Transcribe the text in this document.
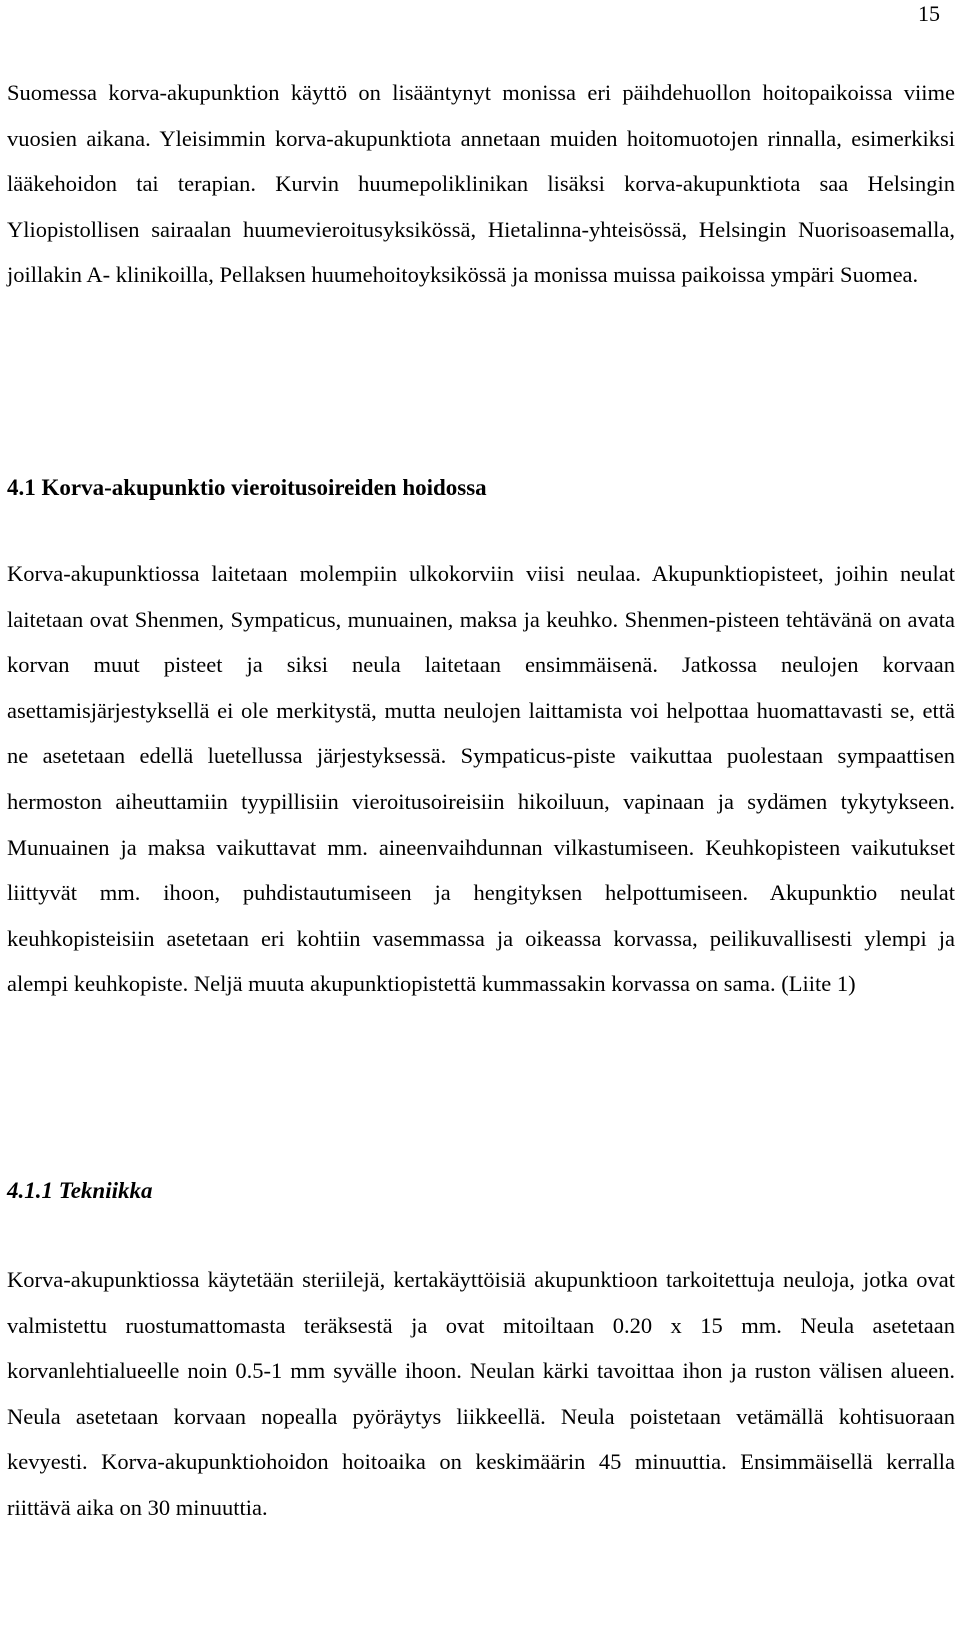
15

Suomessa korva-akupunktion käyttö on lisääntynyt monissa eri päihdehuollon hoitopaikoissa viime vuosien aikana. Yleisimmin korva-akupunktiota annetaan muiden hoitomuotojen rinnalla, esimerkiksi lääkehoidon tai terapian. Kurvin huumepoliklinikan lisäksi korva-akupunktiota saa Helsingin Yliopistollisen sairaalan huumevieroitusyksikössä, Hietalinna-yhteisössä, Helsingin Nuorisoasemalla, joillakin A- klinikoilla, Pellaksen huumehoitoyksikössä ja monissa muissa paikoissa ympäri Suomea.

4.1 Korva-akupunktio vieroitusoireiden hoidossa

Korva-akupunktiossa laitetaan molempiin ulkokorviin viisi neulaa. Akupunktiopisteet, joihin neulat laitetaan ovat Shenmen, Sympaticus, munuainen, maksa ja keuhko. Shenmen-pisteen tehtävänä on avata korvan muut pisteet ja siksi neula laitetaan ensimmäisenä. Jatkossa neulojen korvaan asettamisjärjestyksellä ei ole merkitystä, mutta neulojen laittamista voi helpottaa huomattavasti se, että ne asetetaan edellä luetellussa järjestyksessä. Sympaticus-piste vaikuttaa puolestaan sympaattisen hermoston aiheuttamiin tyypillisiin vieroitusoireisiin hikoiluun, vapinaan ja sydämen tykytykseen. Munuainen ja maksa vaikuttavat mm. aineenvaihdunnan vilkastumiseen. Keuhkopisteen vaikutukset liittyvät mm. ihoon, puhdistautumiseen ja hengityksen helpottumiseen. Akupunktio neulat keuhkopisteisiin asetetaan eri kohtiin vasemmassa ja oikeassa korvassa, peilikuvallisesti ylempi ja alempi keuhkopiste. Neljä muuta akupunktiopistettä kummassakin korvassa on sama. (Liite 1)

4.1.1 Tekniikka

Korva-akupunktiossa käytetään steriilejä, kertakäyttöisiä akupunktioon tarkoitettuja neuloja, jotka ovat valmistettu ruostumattomasta teräksestä ja ovat mitoiltaan 0.20 x 15 mm. Neula asetetaan korvanlehtialueelle noin 0.5-1 mm syvälle ihoon. Neulan kärki tavoittaa ihon ja ruston välisen alueen. Neula asetetaan korvaan nopealla pyöräytys liikkeellä. Neula poistetaan vetämällä kohtisuoraan kevyesti. Korva-akupunktiohoidon hoitoaika on keskimäärin 45 minuuttia. Ensimmäisellä kerralla riittävä aika on 30 minuuttia.
